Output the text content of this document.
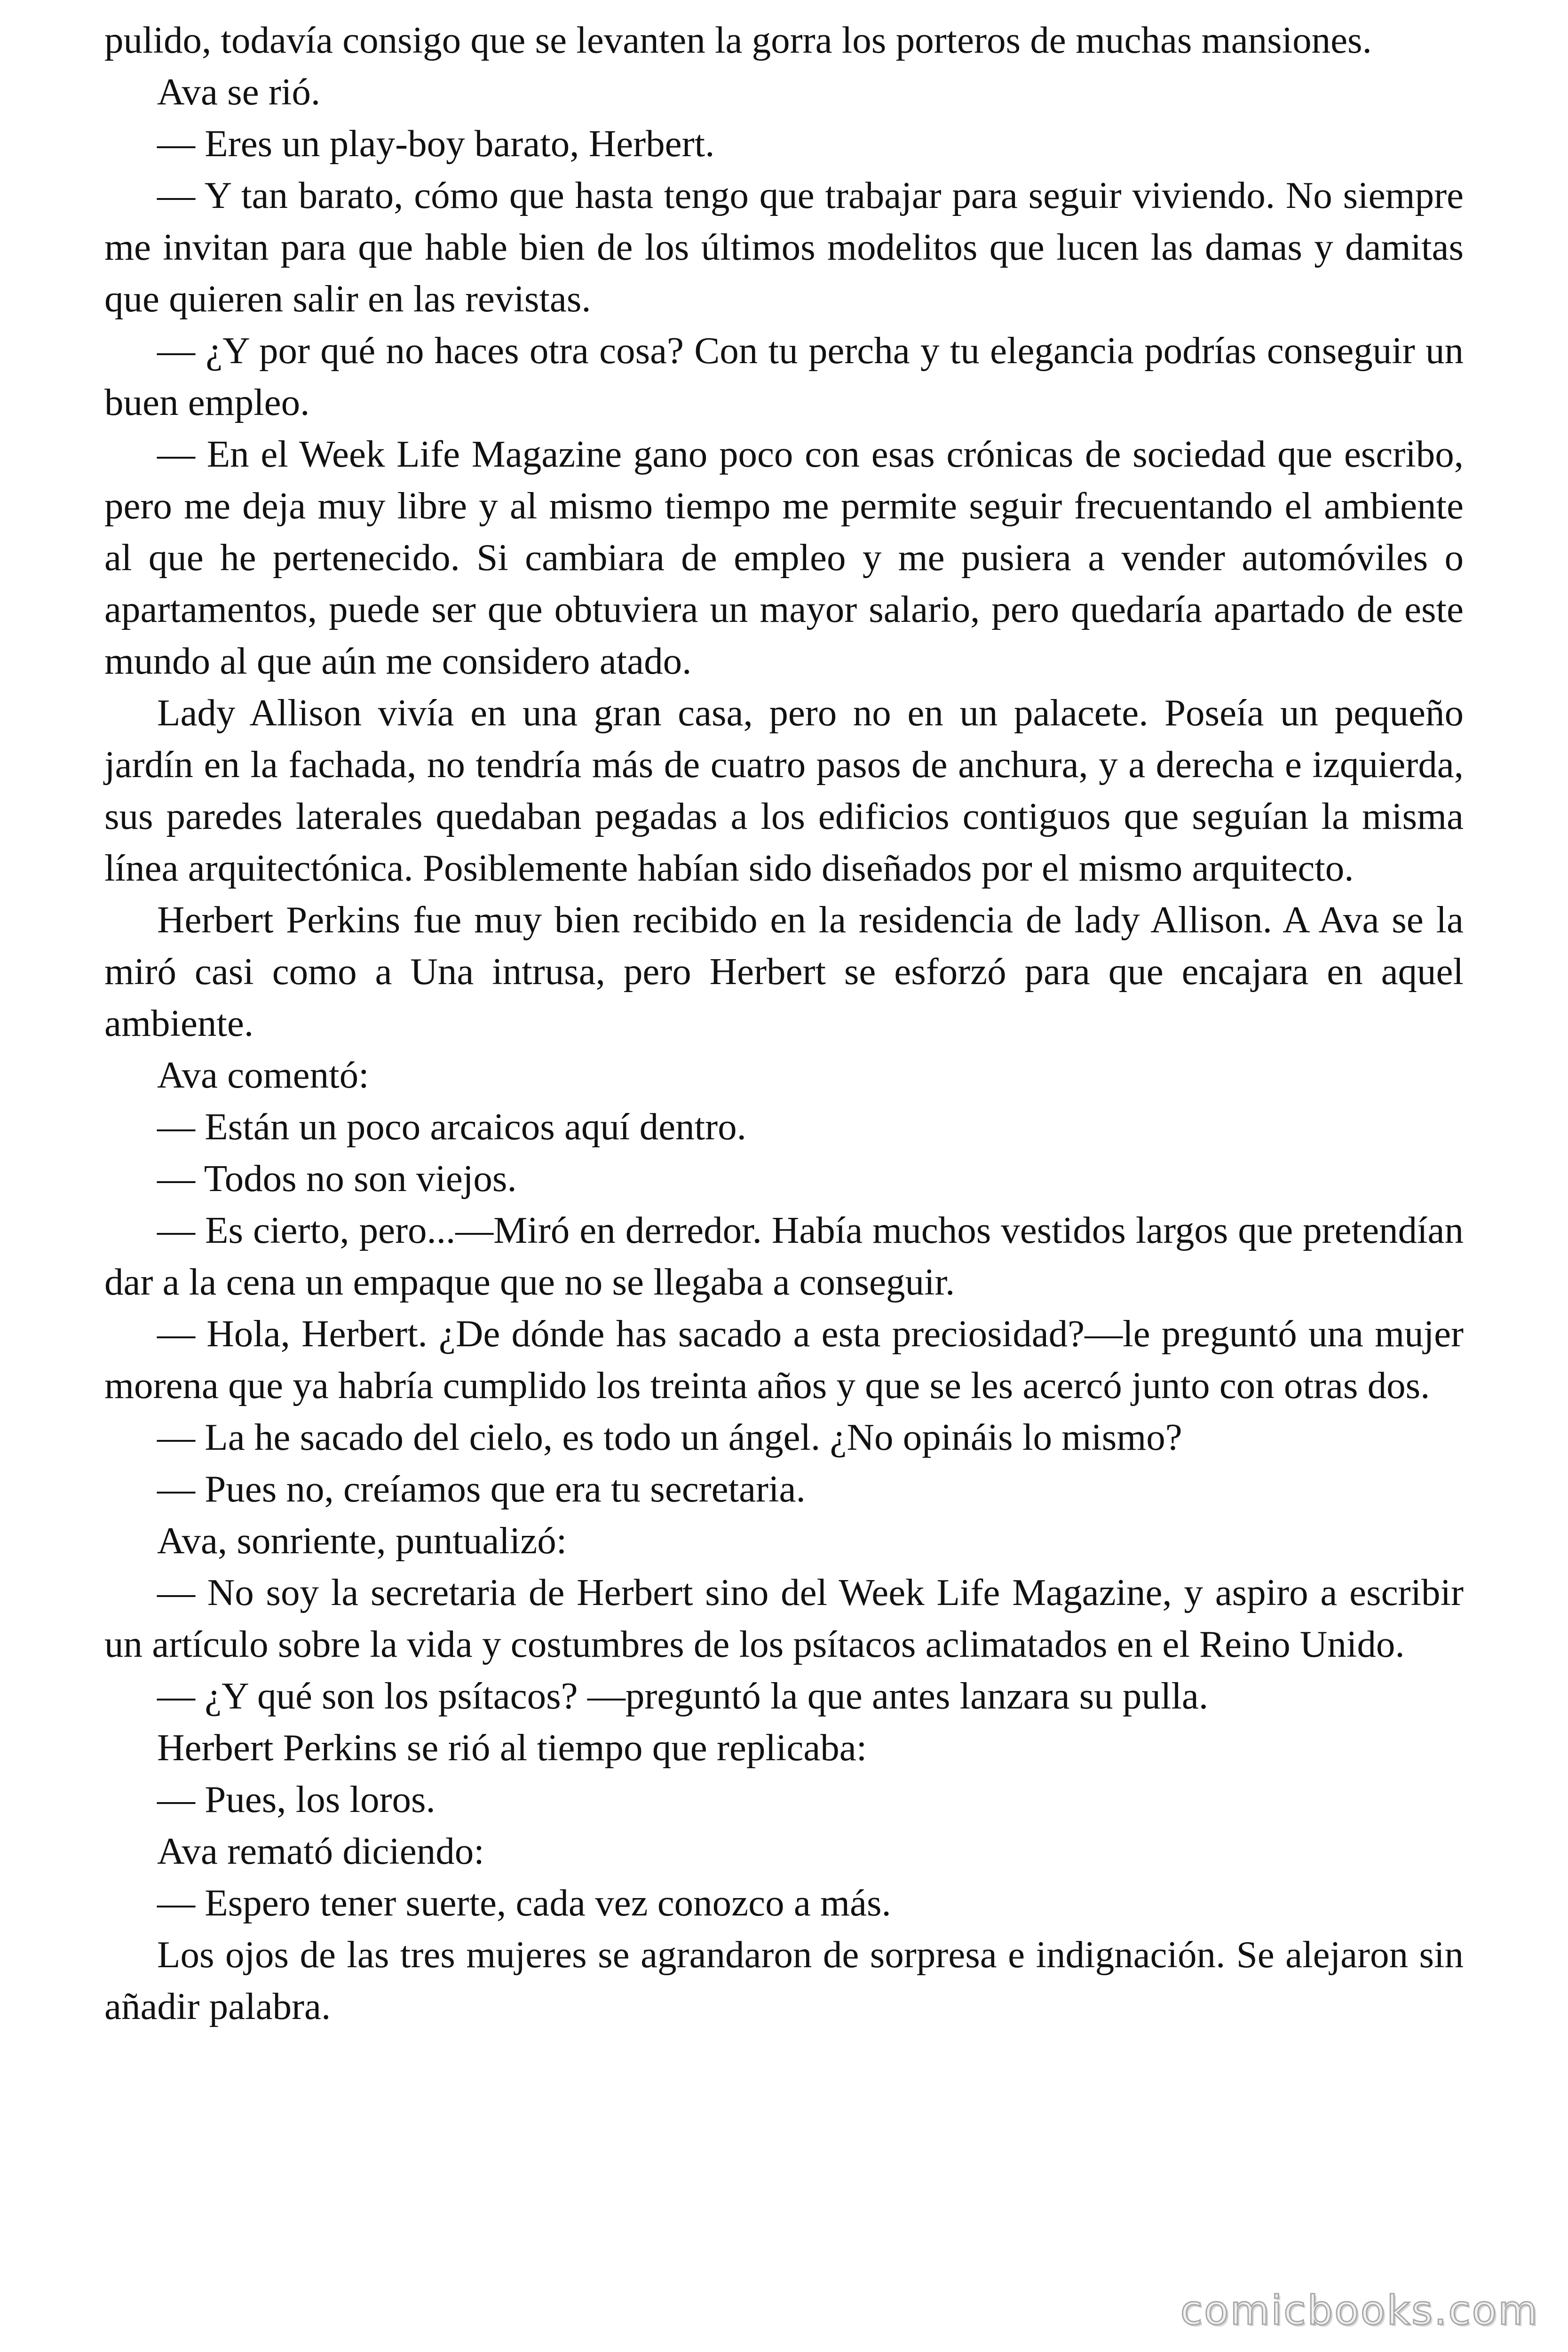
pulido, todavía consigo que se levanten la gorra los porteros de muchas mansiones.

Ava se rió.

— Eres un play-boy barato, Herbert.

— Y tan barato, cómo que hasta tengo que trabajar para seguir viviendo. No siempre me invitan para que hable bien de los últimos modelitos que lucen las damas y damitas que quieren salir en las revistas.

— ¿Y por qué no haces otra cosa? Con tu percha y tu elegancia podrías conseguir un buen empleo.

— En el Week Life Magazine gano poco con esas crónicas de sociedad que escribo, pero me deja muy libre y al mismo tiempo me permite seguir frecuentando el ambiente al que he pertenecido. Si cambiara de empleo y me pusiera a vender automóviles o apartamentos, puede ser que obtuviera un mayor salario, pero quedaría apartado de este mundo al que aún me considero atado.

Lady Allison vivía en una gran casa, pero no en un palacete. Poseía un pequeño jardín en la fachada, no tendría más de cuatro pasos de anchura, y a derecha e izquierda, sus paredes laterales quedaban pegadas a los edificios contiguos que seguían la misma línea arquitectónica. Posiblemente habían sido diseñados por el mismo arquitecto.

Herbert Perkins fue muy bien recibido en la residencia de lady Allison. A Ava se la miró casi como a Una intrusa, pero Herbert se esforzó para que encajara en aquel ambiente.

Ava comentó:

— Están un poco arcaicos aquí dentro.

— Todos no son viejos.

— Es cierto, pero...—Miró en derredor. Había muchos vestidos largos que pretendían dar a la cena un empaque que no se llegaba a conseguir.

— Hola, Herbert. ¿De dónde has sacado a esta preciosidad?—le preguntó una mujer morena que ya habría cumplido los treinta años y que se les acercó junto con otras dos.

— La he sacado del cielo, es todo un ángel. ¿No opináis lo mismo?

— Pues no, creíamos que era tu secretaria.

Ava, sonriente, puntualizó:

— No soy la secretaria de Herbert sino del Week Life Magazine, y aspiro a escribir un artículo sobre la vida y costumbres de los psítacos aclimatados en el Reino Unido.

— ¿Y qué son los psítacos? —preguntó la que antes lanzara su pulla.

Herbert Perkins se rió al tiempo que replicaba:

— Pues, los loros.

Ava remató diciendo:

— Espero tener suerte, cada vez conozco a más.

Los ojos de las tres mujeres se agrandaron de sorpresa e indignación. Se alejaron sin añadir palabra.

comicbooks.com
